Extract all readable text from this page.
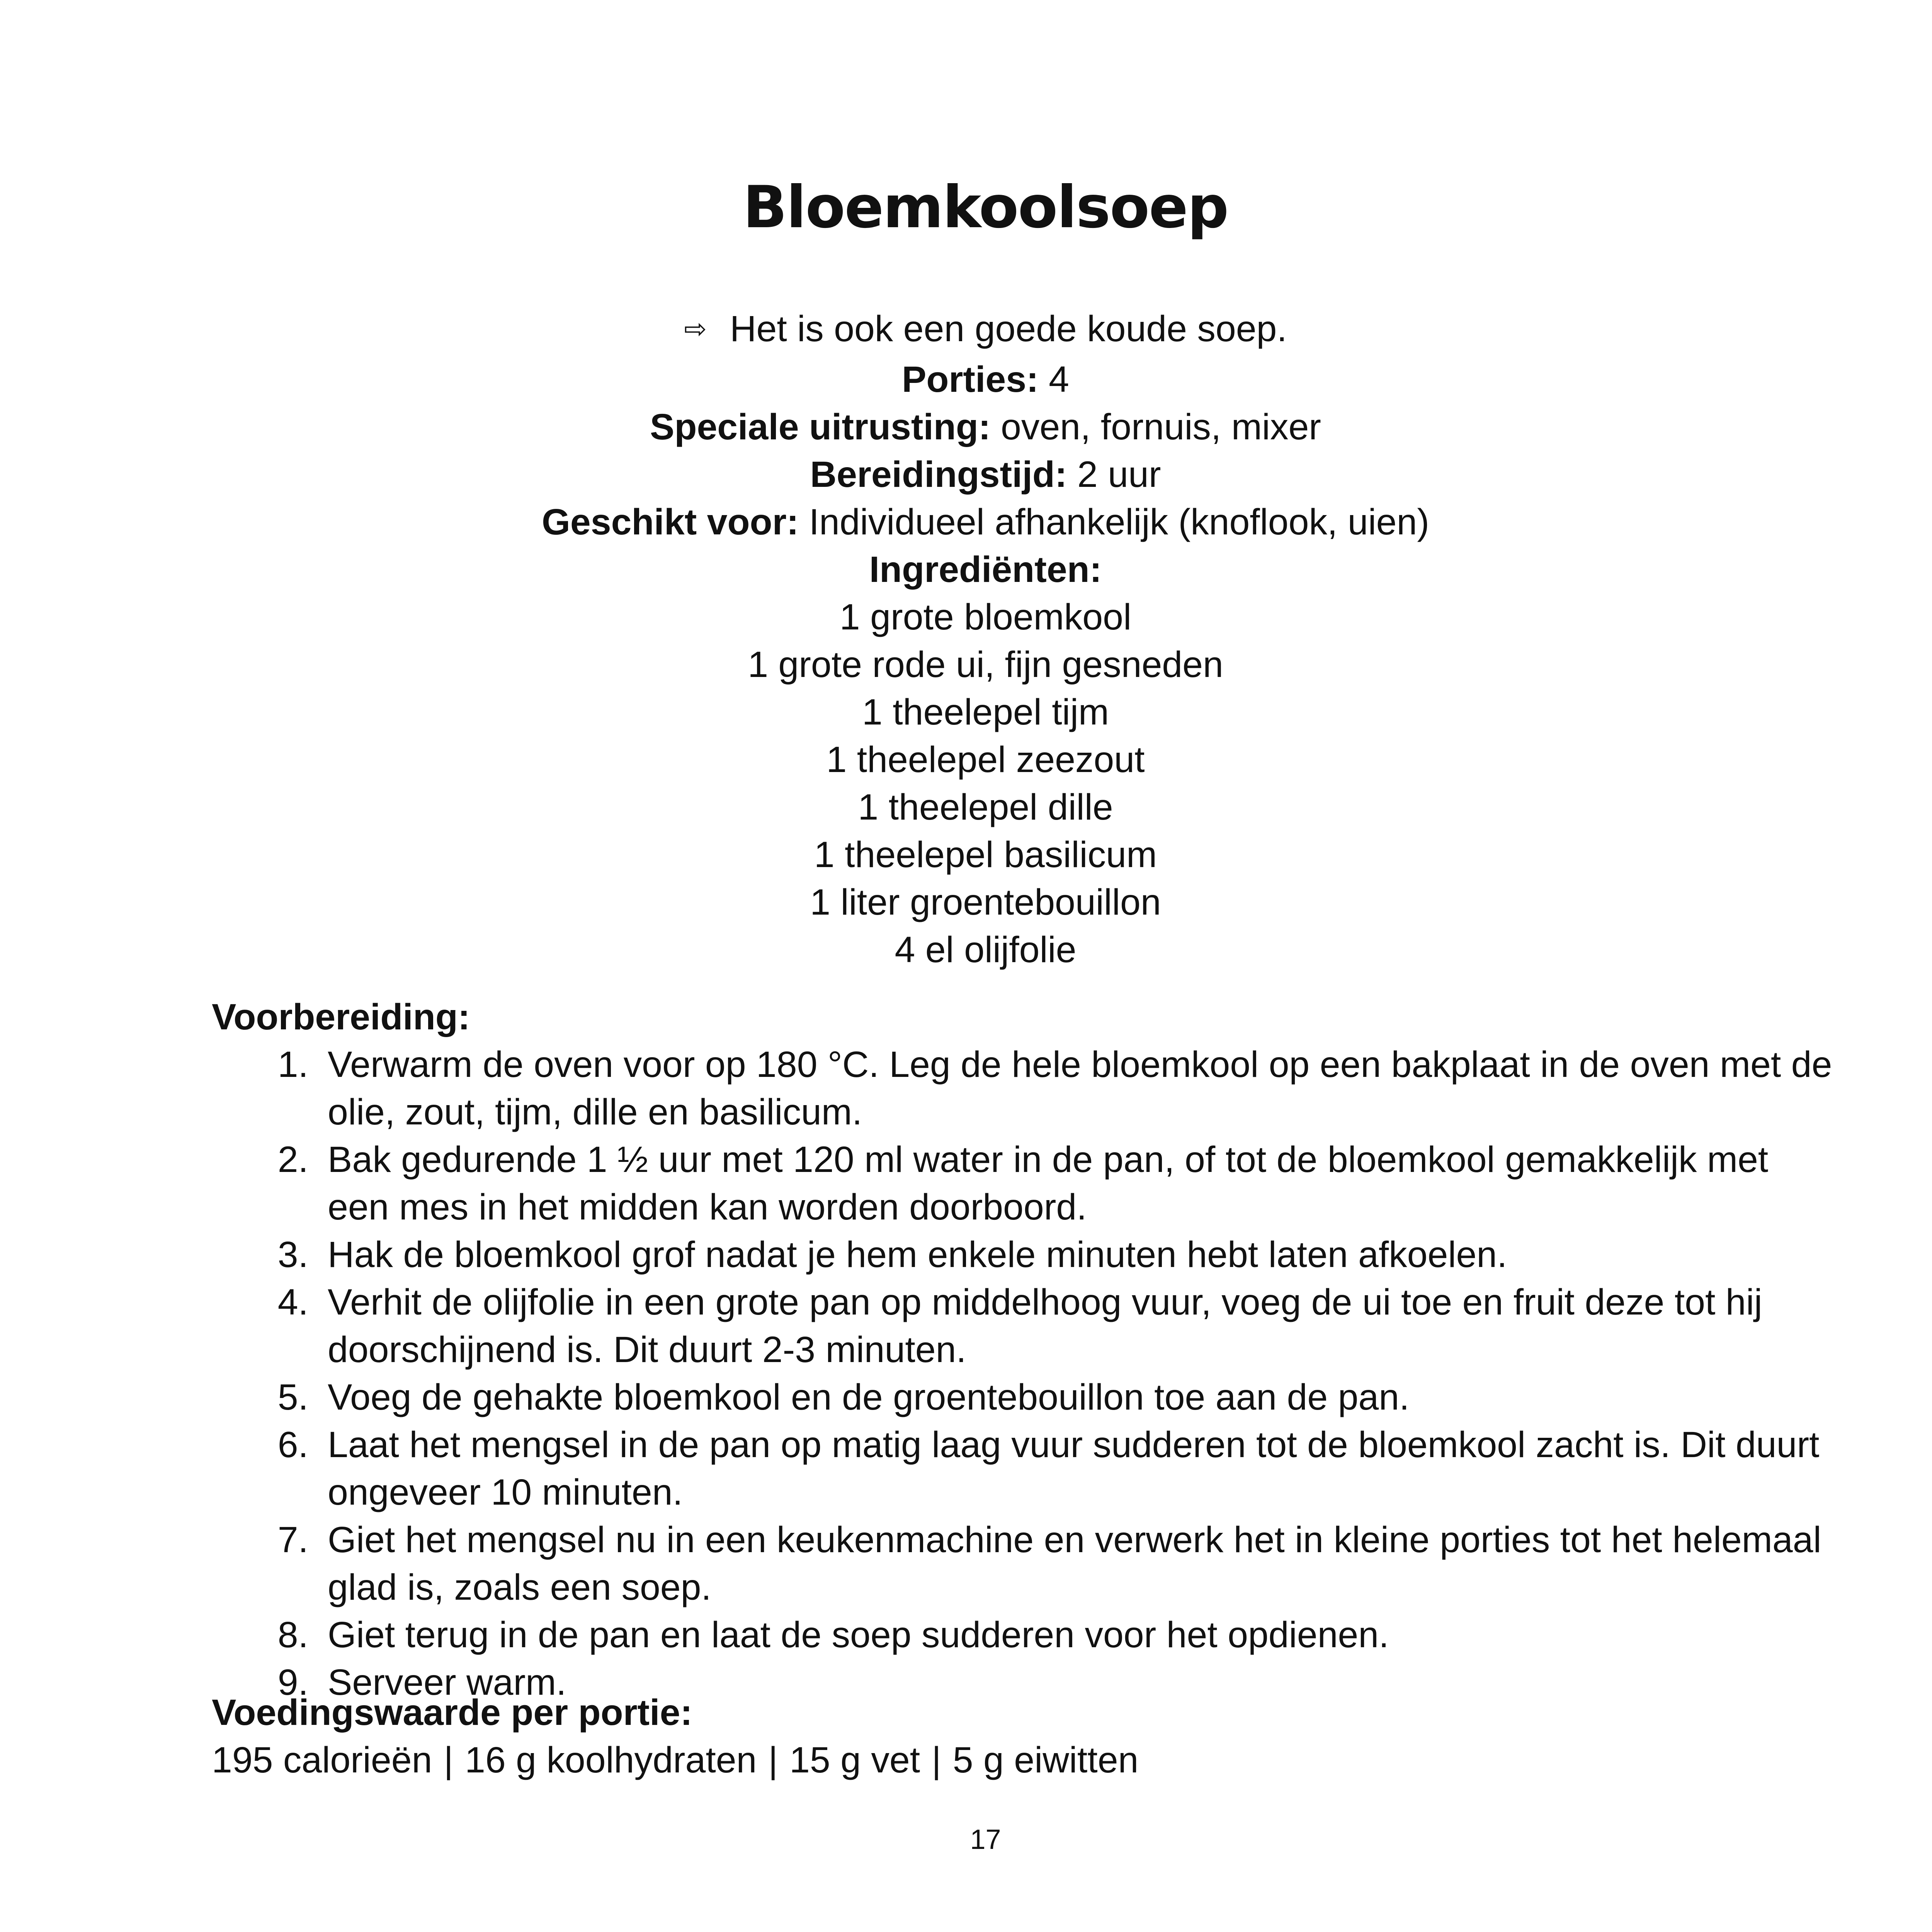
Bloemkoolsoep
⇨ Het is ook een goede koude soep.
Porties: 4
Speciale uitrusting: oven, fornuis, mixer
Bereidingstijd: 2 uur
Geschikt voor: Individueel afhankelijk (knoflook, uien)
Ingrediënten:
1 grote bloemkool
1 grote rode ui, fijn gesneden
1 theelepel tijm
1 theelepel zeezout
1 theelepel dille
1 theelepel basilicum
1 liter groentebouillon
4 el olijfolie
Voorbereiding:
1. Verwarm de oven voor op 180 °C. Leg de hele bloemkool op een bakplaat in de oven met de olie, zout, tijm, dille en basilicum.
2. Bak gedurende 1 ½ uur met 120 ml water in de pan, of tot de bloemkool gemakkelijk met een mes in het midden kan worden doorboord.
3. Hak de bloemkool grof nadat je hem enkele minuten hebt laten afkoelen.
4. Verhit de olijfolie in een grote pan op middelhoog vuur, voeg de ui toe en fruit deze tot hij doorschijnend is. Dit duurt 2-3 minuten.
5. Voeg de gehakte bloemkool en de groentebouillon toe aan de pan.
6. Laat het mengsel in de pan op matig laag vuur sudderen tot de bloemkool zacht is. Dit duurt ongeveer 10 minuten.
7. Giet het mengsel nu in een keukenmachine en verwerk het in kleine porties tot het helemaal glad is, zoals een soep.
8. Giet terug in de pan en laat de soep sudderen voor het opdienen.
9. Serveer warm.
Voedingswaarde per portie:
195 calorieën | 16 g koolhydraten | 15 g vet | 5 g eiwitten
17
